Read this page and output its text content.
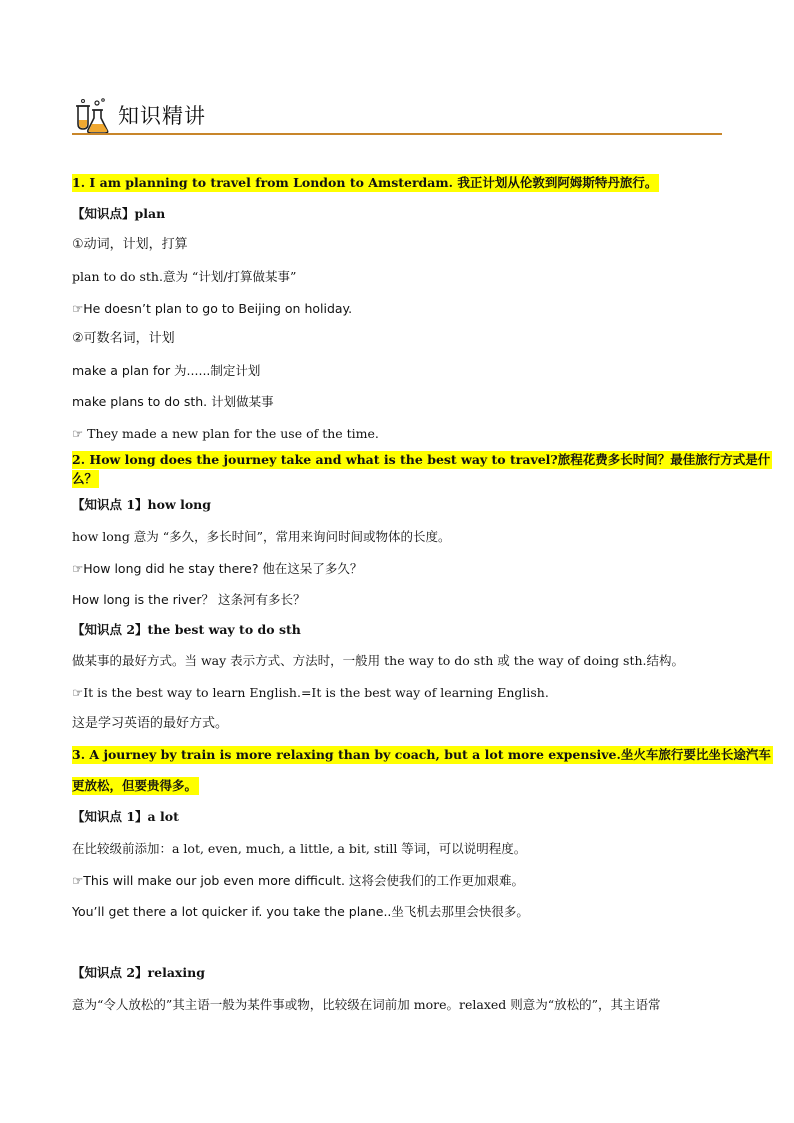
知识精讲
1. I am planning to travel from London to Amsterdam. 我正计划从伦敦到阿姆斯特丹旅行。
【知识点】plan
①动词，计划，打算
plan to do sth.意为 “计划/打算做某事”
☞He doesn’t plan to go to Beijing on holiday.
②可数名词，计划
make a plan for 为......制定计划
make plans to do sth. 计划做某事
☞ They made a new plan for the use of the time.
2. How long does the journey take and what is the best way to travel?旅程花费多长时间？最佳旅行方式是什
么？
【知识点 1】how long
how long 意为 “多久，多长时间”，常用来询问时间或物体的长度。
☞How long did he stay there? 他在这呆了多久？
How long is the river？ 这条河有多长？
【知识点 2】the best way to do sth
做某事的最好方式。当 way 表示方式、方法时，一般用 the way to do sth 或 the way of doing sth.结构。
☞It is the best way to learn English.=It is the best way of learning English.
这是学习英语的最好方式。
3. A journey by train is more relaxing than by coach, but a lot more expensive.坐火车旅行要比坐长途汽车
更放松，但要贵得多。
【知识点 1】a lot
在比较级前添加：a lot, even, much, a little, a bit, still 等词，可以说明程度。
☞This will make our job even more difficult. 这将会使我们的工作更加艰难。
You’ll get there a lot quicker if. you take the plane..坐飞机去那里会快很多。
【知识点 2】relaxing
意为“令人放松的”其主语一般为某件事或物，比较级在词前加 more。relaxed 则意为“放松的”，其主语常
